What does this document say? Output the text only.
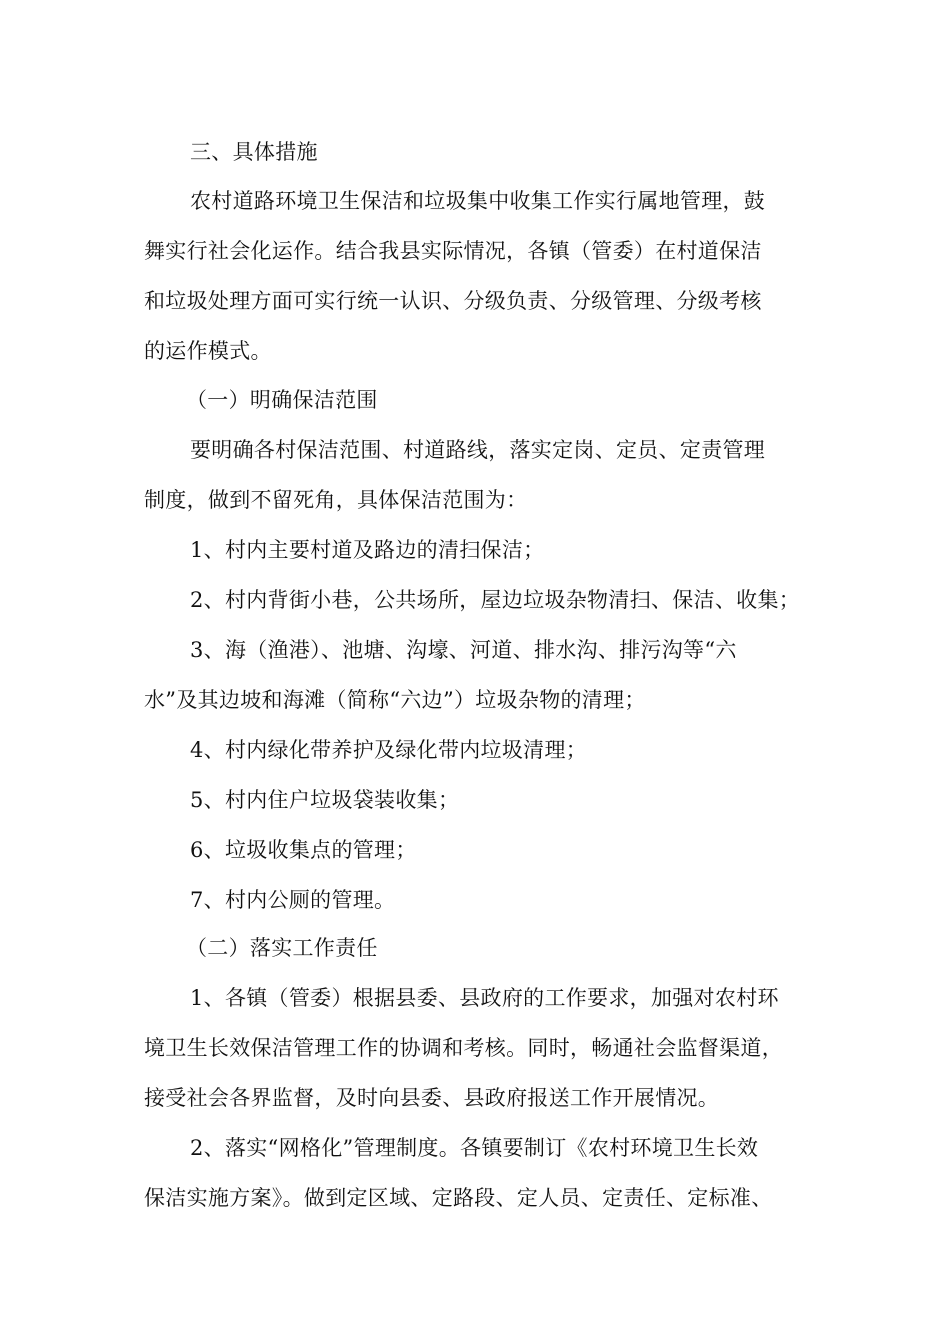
三、具体措施
农村道路环境卫生保洁和垃圾集中收集工作实行属地管理，鼓
舞实行社会化运作。结合我县实际情况，各镇（管委）在村道保洁
和垃圾处理方面可实行统一认识、分级负责、分级管理、分级考核
的运作模式。
（一）明确保洁范围
要明确各村保洁范围、村道路线，落实定岗、定员、定责管理
制度，做到不留死角，具体保洁范围为：
1、村内主要村道及路边的清扫保洁；
2、村内背街小巷，公共场所，屋边垃圾杂物清扫、保洁、收集；
3、海（渔港）、池塘、沟壕、河道、排水沟、排污沟等“六
水”及其边坡和海滩（简称“六边”）垃圾杂物的清理；
4、村内绿化带养护及绿化带内垃圾清理；
5、村内住户垃圾袋装收集；
6、垃圾收集点的管理；
7、村内公厕的管理。
（二）落实工作责任
1、各镇（管委）根据县委、县政府的工作要求，加强对农村环
境卫生长效保洁管理工作的协调和考核。同时，畅通社会监督渠道，
接受社会各界监督，及时向县委、县政府报送工作开展情况。
2、落实“网格化”管理制度。各镇要制订《农村环境卫生长效
保洁实施方案》。做到定区域、定路段、定人员、定责任、定标准、
